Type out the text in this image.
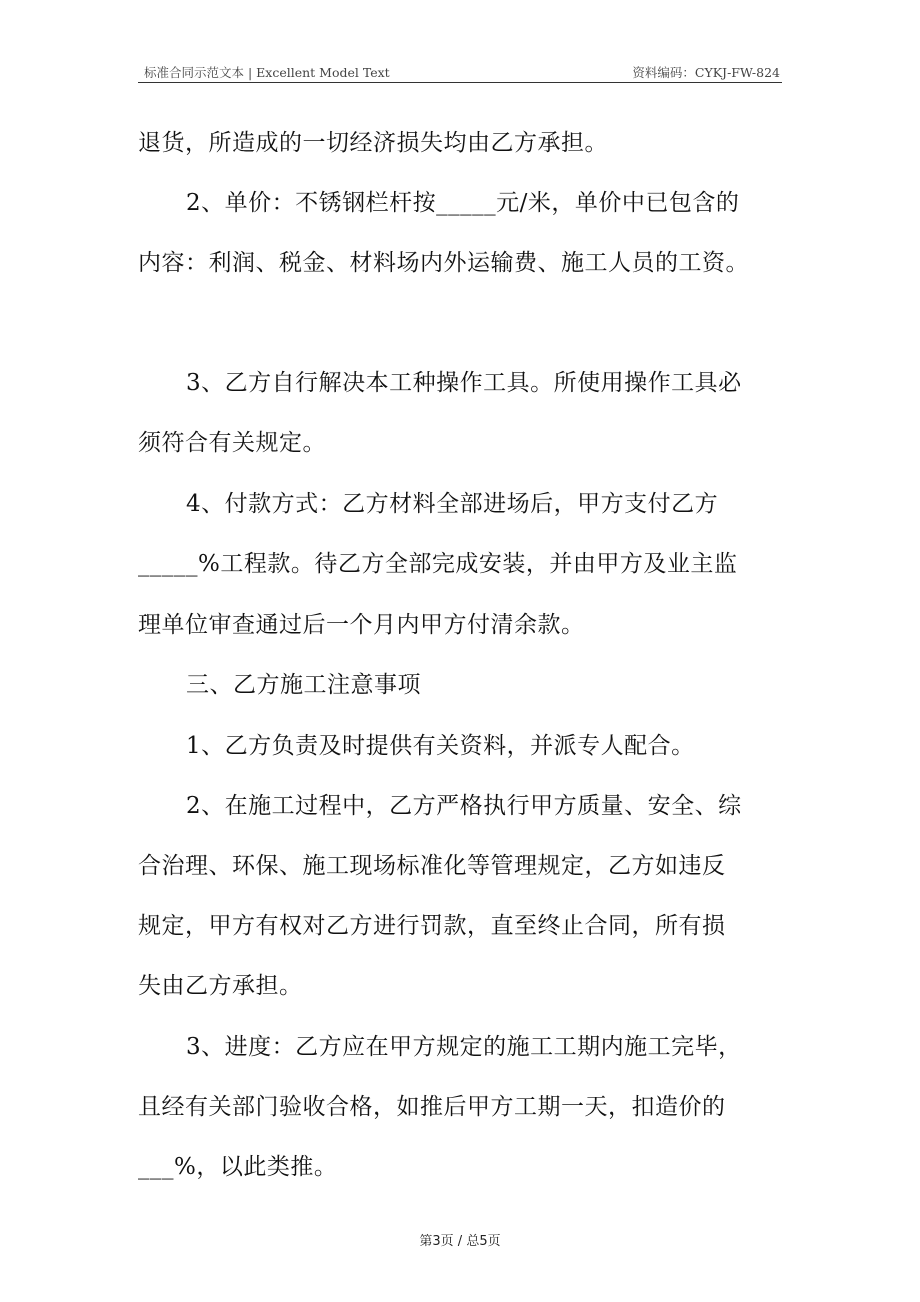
标准合同示范文本 | Excellent Model Text	资料编码：CYKJ-FW-824
退货，所造成的一切经济损失均由乙方承担。
2、单价：不锈钢栏杆按_____元/米，单价中已包含的
内容：利润、税金、材料场内外运输费、施工人员的工资。
3、乙方自行解决本工种操作工具。所使用操作工具必
须符合有关规定。
4、付款方式：乙方材料全部进场后，甲方支付乙方
_____%工程款。待乙方全部完成安装，并由甲方及业主监
理单位审查通过后一个月内甲方付清余款。
三、乙方施工注意事项
1、乙方负责及时提供有关资料，并派专人配合。
2、在施工过程中，乙方严格执行甲方质量、安全、综
合治理、环保、施工现场标准化等管理规定，乙方如违反
规定，甲方有权对乙方进行罚款，直至终止合同，所有损
失由乙方承担。
3、进度：乙方应在甲方规定的施工工期内施工完毕，
且经有关部门验收合格，如推后甲方工期一天，扣造价的
___%，以此类推。
第3页 / 总5页
